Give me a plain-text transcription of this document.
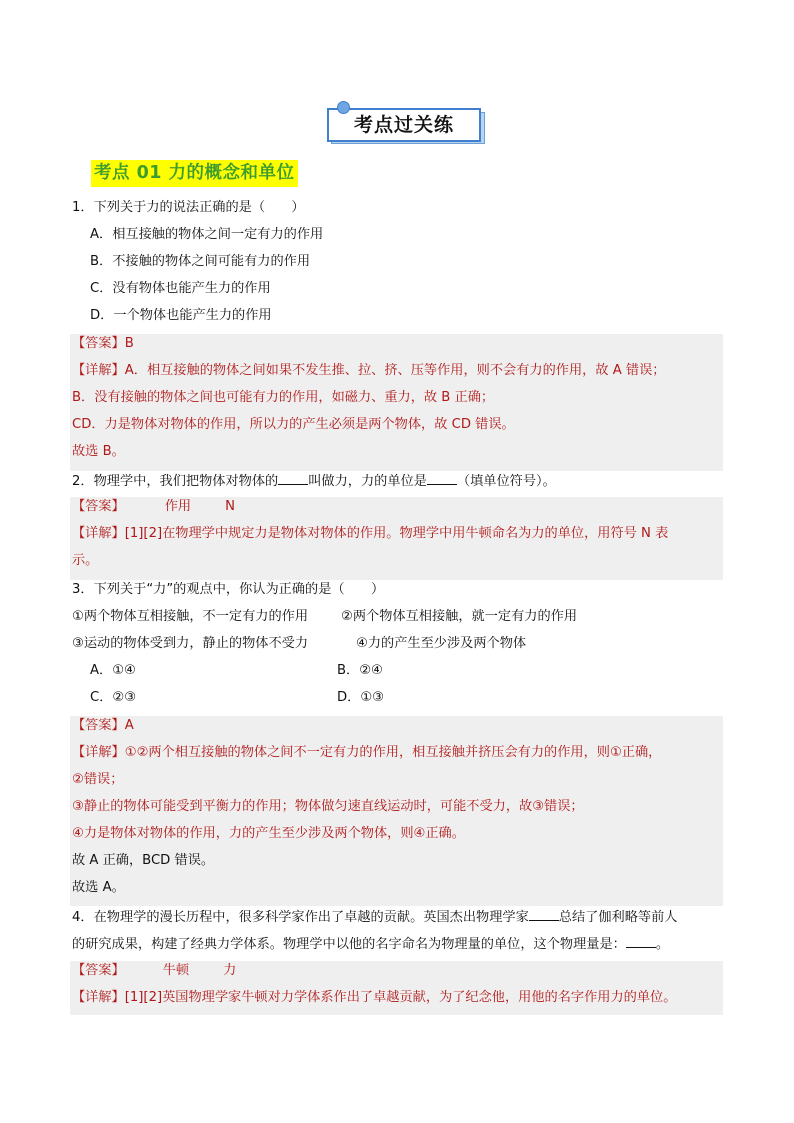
考点过关练
考点 01 力的概念和单位
1．下列关于力的说法正确的是（　　）
A．相互接触的物体之间一定有力的作用
B．不接触的物体之间可能有力的作用
C．没有物体也能产生力的作用
D．一个物体也能产生力的作用
【答案】B
【详解】A．相互接触的物体之间如果不发生推、拉、挤、压等作用，则不会有力的作用，故 A 错误；
B．没有接触的物体之间也可能有力的作用，如磁力、重力，故 B 正确；
CD．力是物体对物体的作用，所以力的产生必须是两个物体，故 CD 错误。
故选 B。
2．物理学中，我们把物体对物体的 叫做力，力的单位是 （填单位符号）。
【答案】	作用	N
【详解】[1][2]在物理学中规定力是物体对物体的作用。物理学中用牛顿命名为力的单位，用符号 N 表
示。
3．下列关于“力”的观点中，你认为正确的是（　　）
①两个物体互相接触，不一定有力的作用 ②两个物体互相接触，就一定有力的作用
③运动的物体受到力，静止的物体不受力	④力的产生至少涉及两个物体
A．①④	B．②④
C．②③	D．①③
【答案】A
【详解】①②两个相互接触的物体之间不一定有力的作用，相互接触并挤压会有力的作用，则①正确，
②错误；
③静止的物体可能受到平衡力的作用；物体做匀速直线运动时，可能不受力，故③错误；
④力是物体对物体的作用，力的产生至少涉及两个物体，则④正确。
故 A 正确，BCD 错误。
故选 A。
4．在物理学的漫长历程中，很多科学家作出了卓越的贡献。英国杰出物理学家 总结了伽利略等前人
的研究成果，构建了经典力学体系。物理学中以他的名字命名为物理量的单位，这个物理量是： 。
【答案】	牛顿	力
【详解】[1][2]英国物理学家牛顿对力学体系作出了卓越贡献，为了纪念他，用他的名字作用力的单位。
